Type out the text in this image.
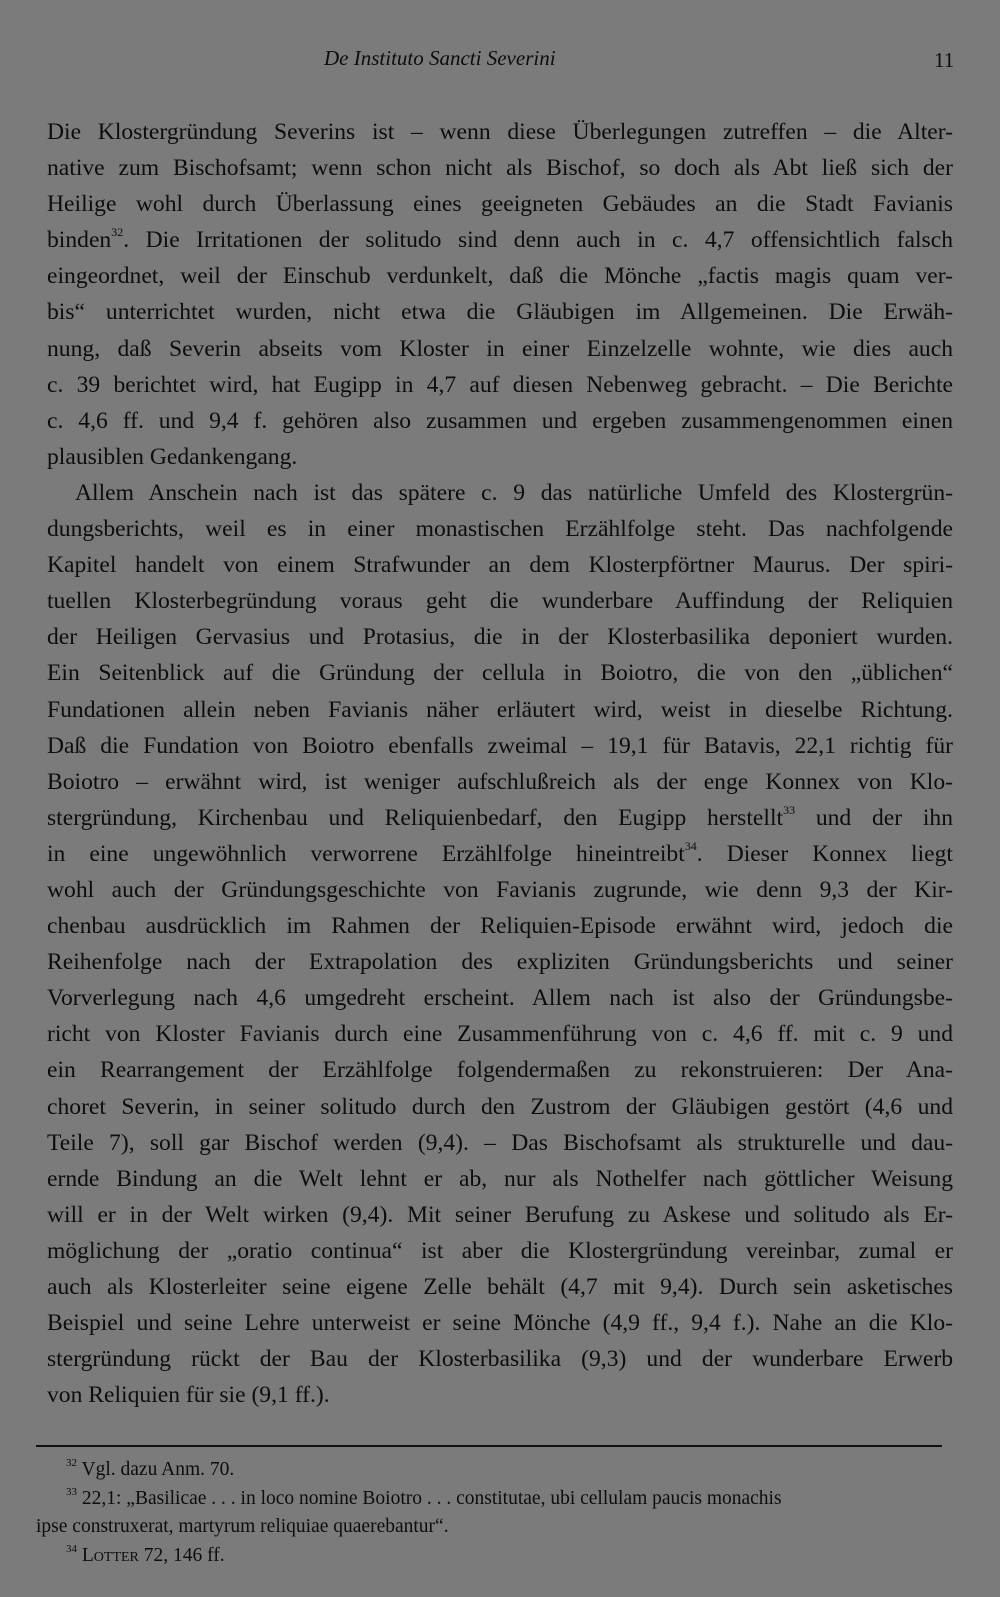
De Instituto Sancti Severini	11
Die Klostergründung Severins ist – wenn diese Überlegungen zutreffen – die Alter-
native zum Bischofsamt; wenn schon nicht als Bischof, so doch als Abt ließ sich der
Heilige wohl durch Überlassung eines geeigneten Gebäudes an die Stadt Favianis
binden$^{32}$. Die Irritationen der solitudo sind denn auch in c. 4,7 offensichtlich falsch
eingeordnet, weil der Einschub verdunkelt, daß die Mönche „factis magis quam ver-
bis“ unterrichtet wurden, nicht etwa die Gläubigen im Allgemeinen. Die Erwäh-
nung, daß Severin abseits vom Kloster in einer Einzelzelle wohnte, wie dies auch
c. 39 berichtet wird, hat Eugipp in 4,7 auf diesen Nebenweg gebracht. – Die Berichte
c. 4,6 ff. und 9,4 f. gehören also zusammen und ergeben zusammengenommen einen
plausiblen Gedankengang.
Allem Anschein nach ist das spätere c. 9 das natürliche Umfeld des Klostergrün-
dungsberichts, weil es in einer monastischen Erzählfolge steht. Das nachfolgende
Kapitel handelt von einem Strafwunder an dem Klosterpförtner Maurus. Der spiri-
tuellen Klosterbegründung voraus geht die wunderbare Auffindung der Reliquien
der Heiligen Gervasius und Protasius, die in der Klosterbasilika deponiert wurden.
Ein Seitenblick auf die Gründung der cellula in Boiotro, die von den „üblichen“
Fundationen allein neben Favianis näher erläutert wird, weist in dieselbe Richtung.
Daß die Fundation von Boiotro ebenfalls zweimal – 19,1 für Batavis, 22,1 richtig für
Boiotro – erwähnt wird, ist weniger aufschlußreich als der enge Konnex von Klo-
stergründung, Kirchenbau und Reliquienbedarf, den Eugipp herstellt$^{33}$ und der ihn
in eine ungewöhnlich verworrene Erzählfolge hineintreibt$^{34}$. Dieser Konnex liegt
wohl auch der Gründungsgeschichte von Favianis zugrunde, wie denn 9,3 der Kir-
chenbau ausdrücklich im Rahmen der Reliquien-Episode erwähnt wird, jedoch die
Reihenfolge nach der Extrapolation des expliziten Gründungsberichts und seiner
Vorverlegung nach 4,6 umgedreht erscheint. Allem nach ist also der Gründungsbe-
richt von Kloster Favianis durch eine Zusammenführung von c. 4,6 ff. mit c. 9 und
ein Rearrangement der Erzählfolge folgendermaßen zu rekonstruieren: Der Ana-
choret Severin, in seiner solitudo durch den Zustrom der Gläubigen gestört (4,6 und
Teile 7), soll gar Bischof werden (9,4). – Das Bischofsamt als strukturelle und dau-
ernde Bindung an die Welt lehnt er ab, nur als Nothelfer nach göttlicher Weisung
will er in der Welt wirken (9,4). Mit seiner Berufung zu Askese und solitudo als Er-
möglichung der „oratio continua“ ist aber die Klostergründung vereinbar, zumal er
auch als Klosterleiter seine eigene Zelle behält (4,7 mit 9,4). Durch sein asketisches
Beispiel und seine Lehre unterweist er seine Mönche (4,9 ff., 9,4 f.). Nahe an die Klo-
stergründung rückt der Bau der Klosterbasilika (9,3) und der wunderbare Erwerb
von Reliquien für sie (9,1 ff.).
$^{32}$ Vgl. dazu Anm. 70.
$^{33}$ 22,1: „Basilicae . . . in loco nomine Boiotro . . . constitutae, ubi cellulam paucis monachis
ipse construxerat, martyrum reliquiae quaerebantur“.
$^{34}$ Lotter 72, 146 ff.
